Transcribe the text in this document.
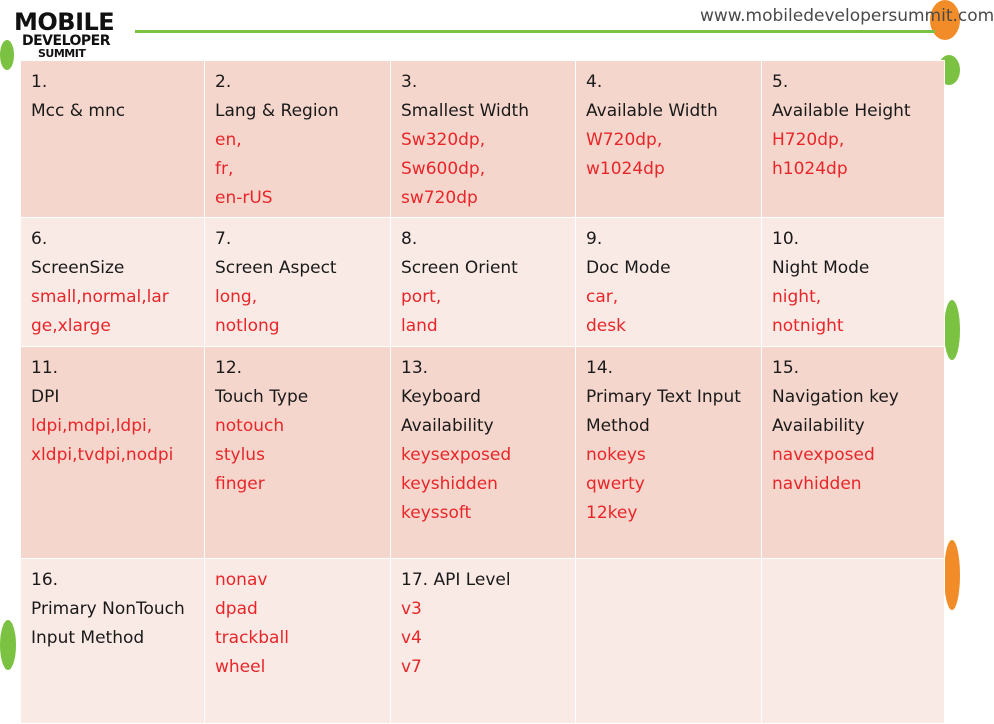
MOBILE
DEVELOPER
SUMMIT
www.mobiledevelopersummit.com
1.
Mcc & mnc	2.
Lang & Region
en,
fr,
en-rUS	3.
Smallest Width
Sw320dp,
Sw600dp,
sw720dp	4.
Available Width
W720dp,
w1024dp	5.
Available Height
H720dp,
h1024dp

6.
ScreenSize
small,normal,lar
ge,xlarge	7.
Screen Aspect
long,
notlong	8.
Screen Orient
port,
land	9.
Doc Mode
car,
desk	10.
Night Mode
night,
notnight

11.
DPI
ldpi,mdpi,ldpi,
xldpi,tvdpi,nodpi	12.
Touch Type
notouch
stylus
finger	13.
Keyboard Availability
keysexposed
keyshidden
keyssoft	14.
Primary Text Input Method
nokeys
qwerty
12key	15.
Navigation key Availability
navexposed
navhidden

16.
Primary NonTouch Input Method	nonav
dpad
trackball
wheel	17. API Level
v3
v4
v7		
